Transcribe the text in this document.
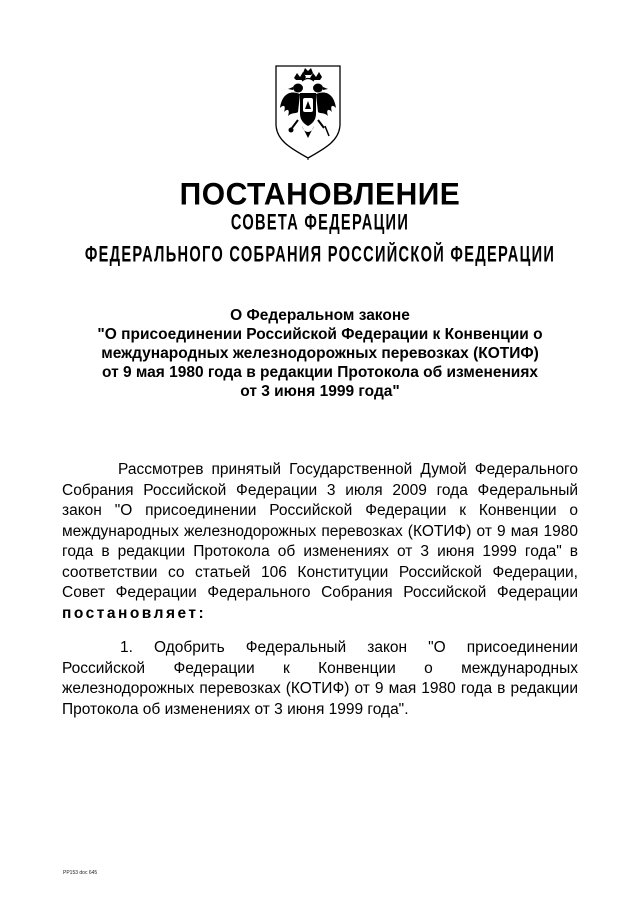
ПОСТАНОВЛЕНИЕ
СОВЕТА ФЕДЕРАЦИИ
ФЕДЕРАЛЬНОГО СОБРАНИЯ РОССИЙСКОЙ ФЕДЕРАЦИИ
О Федеральном законе
"О присоединении Российской Федерации к Конвенции о
международных железнодорожных перевозках (КОТИФ)
от 9 мая 1980 года в редакции Протокола об изменениях
от 3 июня 1999 года"
Рассмотрев принятый Государственной Думой Федерального Собрания Российской Федерации 3 июля 2009 года Федеральный закон "О присоединении Российской Федерации к Конвенции о международных железнодорожных перевозках (КОТИФ) от 9 мая 1980 года в редакции Протокола об изменениях от 3 июня 1999 года" в соответствии со статьей 106 Конституции Российской Федерации, Совет Федерации Федерального Собрания Российской Федерации постановляет:
1. Одобрить Федеральный закон "О присоединении Российской Федерации к Конвенции о международных железнодорожных перевозках (КОТИФ) от 9 мая 1980 года в редакции Протокола об изменениях от 3 июня 1999 года".
PP153 doc 645
